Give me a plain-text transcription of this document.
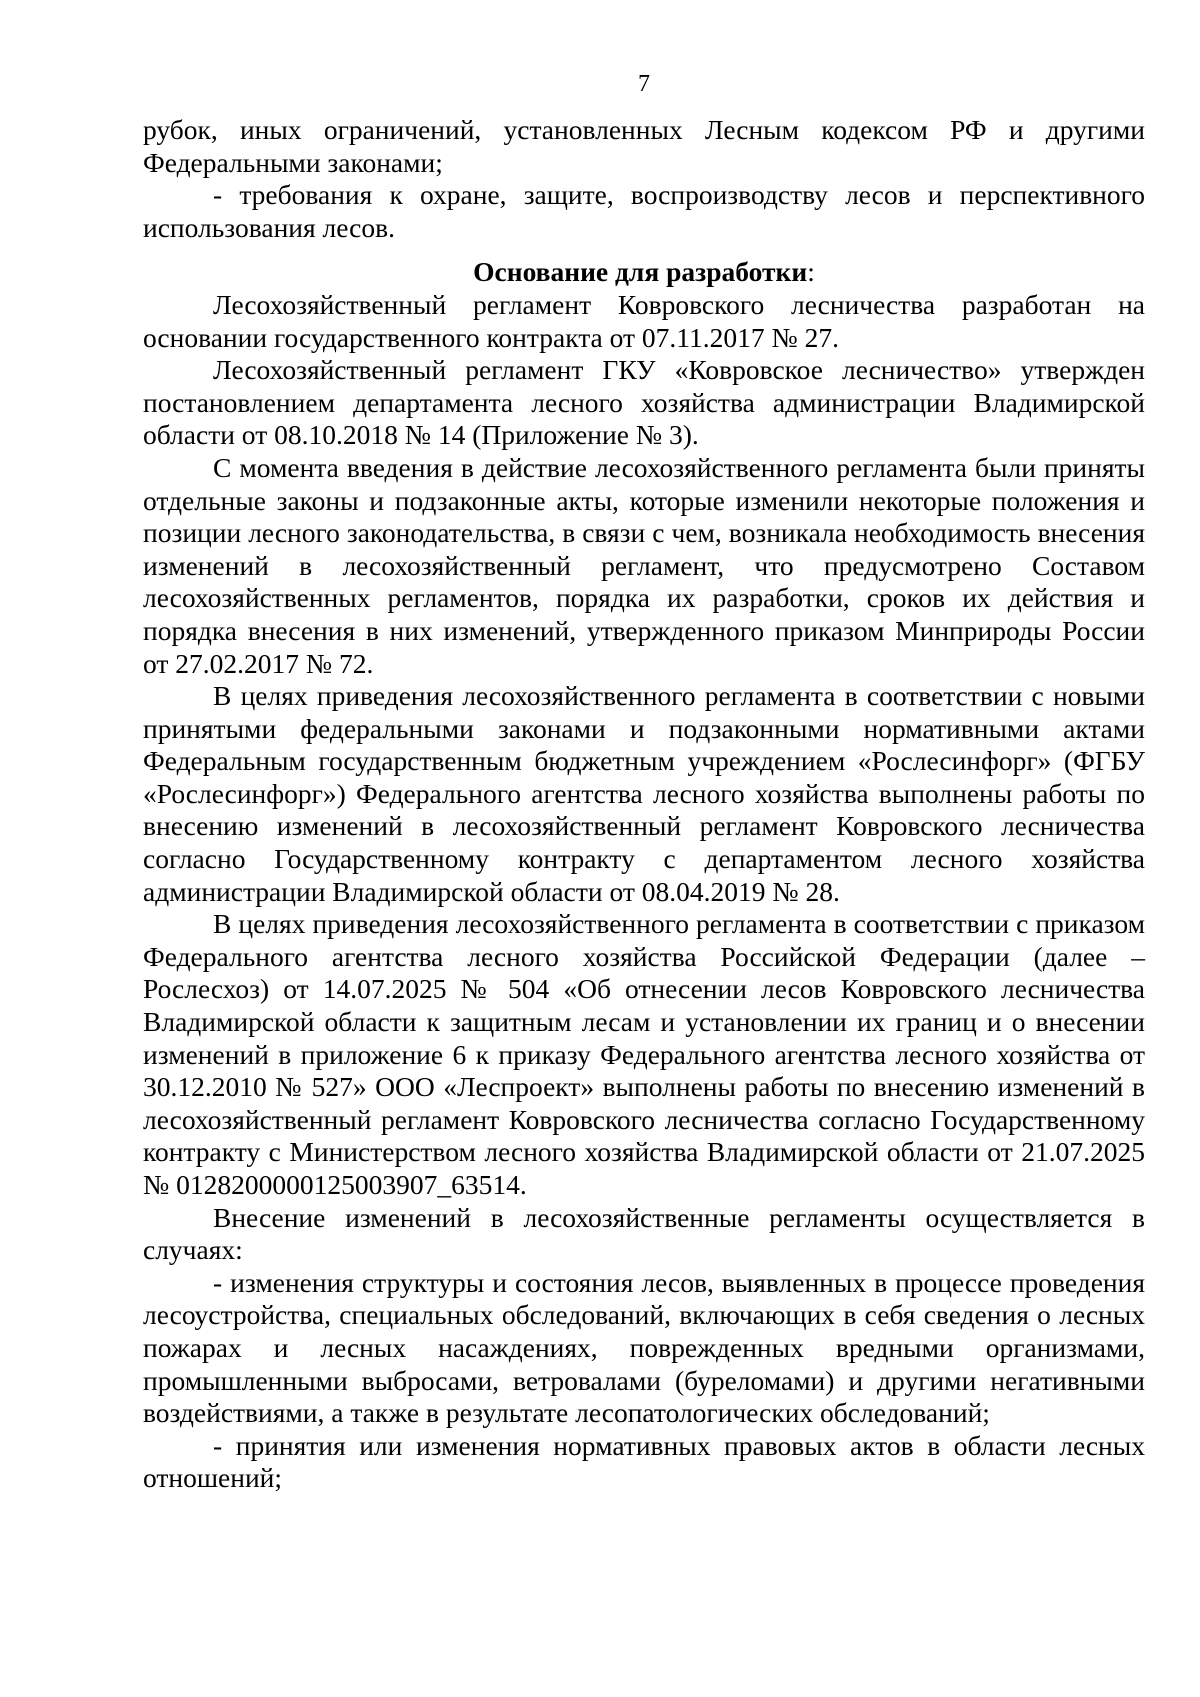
7

рубок, иных ограничений, установленных Лесным кодексом РФ и другими Федеральными законами;

- требования к охране, защите, воспроизводству лесов и перспективного использования лесов.

Основание для разработки:

Лесохозяйственный регламент Ковровского лесничества разработан на основании государственного контракта от 07.11.2017 № 27.

Лесохозяйственный регламент ГКУ «Ковровское лесничество» утвержден постановлением департамента лесного хозяйства администрации Владимирской области от 08.10.2018 № 14 (Приложение № 3).

С момента введения в действие лесохозяйственного регламента были приняты отдельные законы и подзаконные акты, которые изменили некоторые положения и позиции лесного законодательства, в связи с чем, возникала необходимость внесения изменений в лесохозяйственный регламент, что предусмотрено Составом лесохозяйственных регламентов, порядка их разработки, сроков их действия и порядка внесения в них изменений, утвержденного приказом Минприроды России от 27.02.2017 № 72.

В целях приведения лесохозяйственного регламента в соответствии с новыми принятыми федеральными законами и подзаконными нормативными актами Федеральным государственным бюджетным учреждением «Рослесинфорг» (ФГБУ «Рослесинфорг») Федерального агентства лесного хозяйства выполнены работы по внесению изменений в лесохозяйственный регламент Ковровского лесничества согласно Государственному контракту с департаментом лесного хозяйства администрации Владимирской области от 08.04.2019 № 28.

В целях приведения лесохозяйственного регламента в соответствии с приказом Федерального агентства лесного хозяйства Российской Федерации (далее – Рослесхоз) от 14.07.2025 № 504 «Об отнесении лесов Ковровского лесничества Владимирской области к защитным лесам и установлении их границ и о внесении изменений в приложение 6 к приказу Федерального агентства лесного хозяйства от 30.12.2010 № 527» ООО «Леспроект» выполнены работы по внесению изменений в лесохозяйственный регламент Ковровского лесничества согласно Государственному контракту с Министерством лесного хозяйства Владимирской области от 21.07.2025 № 0128200000125003907_63514.

Внесение изменений в лесохозяйственные регламенты осуществляется в случаях:

- изменения структуры и состояния лесов, выявленных в процессе проведения лесоустройства, специальных обследований, включающих в себя сведения о лесных пожарах и лесных насаждениях, поврежденных вредными организмами, промышленными выбросами, ветровалами (буреломами) и другими негативными воздействиями, а также в результате лесопатологических обследований;

- принятия или изменения нормативных правовых актов в области лесных отношений;
